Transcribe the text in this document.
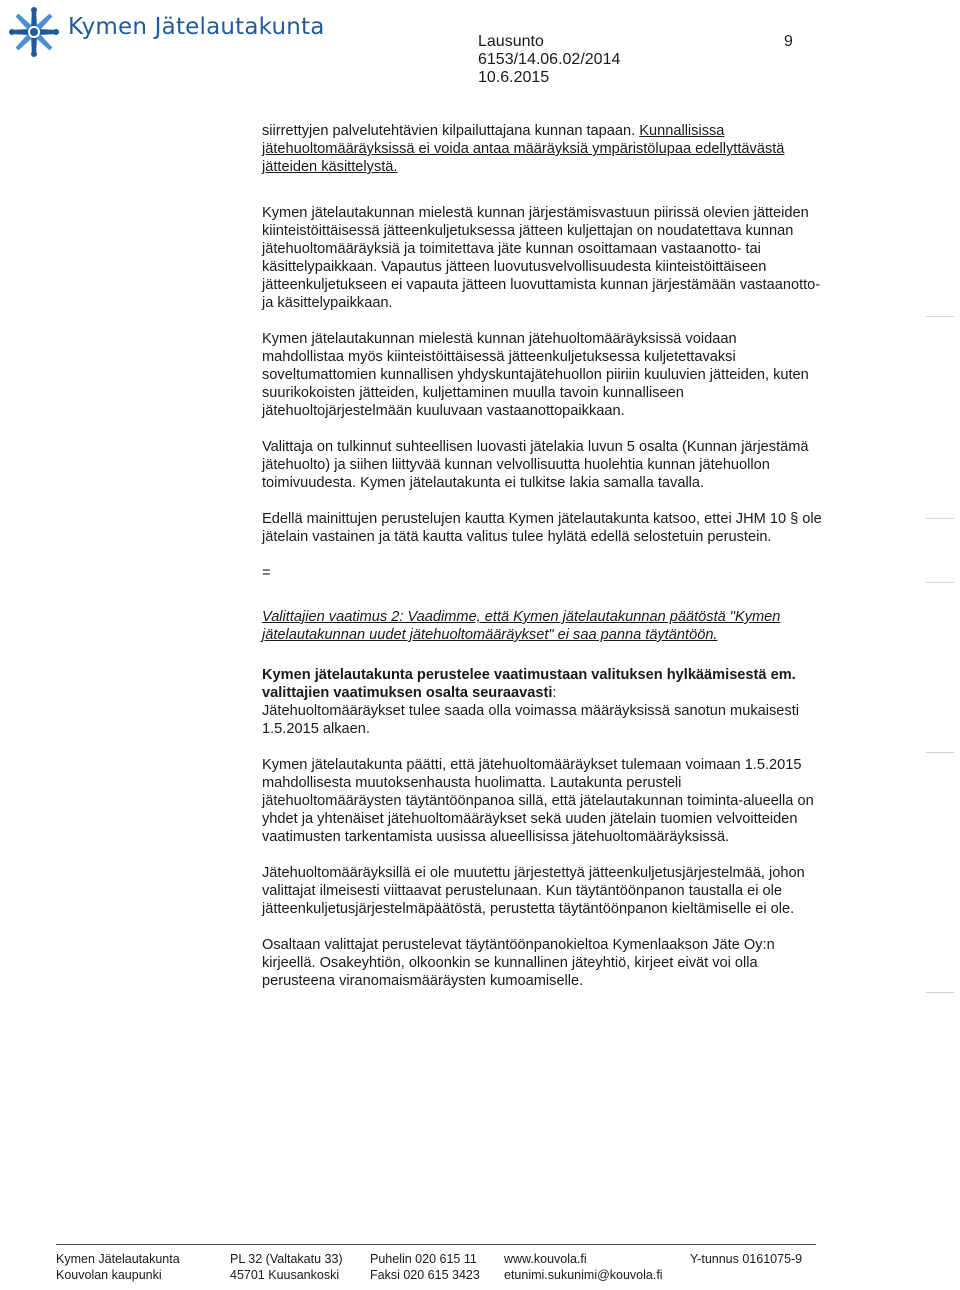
Kymen Jätelautakunta
Lausunto
6153/14.06.02/2014
10.6.2015
9

siirrettyjen palvelutehtävien kilpailuttajana kunnan tapaan. Kunnallisissa jätehuoltomääräyksissä ei voida antaa määräyksiä ympäristölupaa edellyttävästä jätteiden käsittelystä.

Kymen jätelautakunnan mielestä kunnan järjestämisvastuun piirissä olevien jätteiden kiinteistöittäisessä jätteenkuljetuksessa jätteen kuljettajan on noudatettava kunnan jätehuoltomääräyksiä ja toimitettava jäte kunnan osoittamaan vastaanotto- tai käsittelypaikkaan. Vapautus jätteen luovutusvelvollisuudesta kiinteistöittäiseen jätteenkuljetukseen ei vapauta jätteen luovuttamista kunnan järjestämään vastaanotto- ja käsittelypaikkaan.

Kymen jätelautakunnan mielestä kunnan jätehuoltomääräyksissä voidaan mahdollistaa myös kiinteistöittäisessä jätteenkuljetuksessa kuljetettavaksi soveltumattomien kunnallisen yhdyskuntajätehuollon piiriin kuuluvien jätteiden, kuten suurikokoisten jätteiden, kuljettaminen muulla tavoin kunnalliseen jätehuoltojärjestelmään kuuluvaan vastaanottopaikkaan.

Valittaja on tulkinnut suhteellisen luovasti jätelakia luvun 5 osalta (Kunnan järjestämä jätehuolto) ja siihen liittyvää kunnan velvollisuutta huolehtia kunnan jätehuollon toimivuudesta. Kymen jätelautakunta ei tulkitse lakia samalla tavalla.

Edellä mainittujen perustelujen kautta Kymen jätelautakunta katsoo, ettei JHM 10 § ole jätelain vastainen ja tätä kautta valitus tulee hylätä edellä selostetuin perustein.

=

Valittajien vaatimus 2: Vaadimme, että Kymen jätelautakunnan päätöstä "Kymen jätelautakunnan uudet jätehuoltomääräykset" ei saa panna täytäntöön.

Kymen jätelautakunta perustelee vaatimustaan valituksen hylkäämisestä em. valittajien vaatimuksen osalta seuraavasti:
Jätehuoltomääräykset tulee saada olla voimassa määräyksissä sanotun mukaisesti 1.5.2015 alkaen.

Kymen jätelautakunta päätti, että jätehuoltomääräykset tulemaan voimaan 1.5.2015 mahdollisesta muutoksenhausta huolimatta. Lautakunta perusteli jätehuoltomääräysten täytäntöönpanoa sillä, että jätelautakunnan toiminta-alueella on yhdet ja yhtenäiset jätehuoltomääräykset sekä uuden jätelain tuomien velvoitteiden vaatimusten tarkentamista uusissa alueellisissa jätehuoltomääräyksissä.

Jätehuoltomääräyksillä ei ole muutettu järjestettyä jätteenkuljetusjärjestelmää, johon valittajat ilmeisesti viittaavat perustelunaan. Kun täytäntöönpanon taustalla ei ole jätteenkuljetusjärjestelmäpäätöstä, perustetta täytäntöönpanon kieltämiselle ei ole.

Osaltaan valittajat perustelevat täytäntöönpanokieltoa Kymenlaakson Jäte Oy:n kirjeellä. Osakeyhtiön, olkoonkin se kunnallinen jäteyhtiö, kirjeet eivät voi olla perusteena viranomaismääräysten kumoamiselle.

Kymen Jätelautakunta
Kouvolan kaupunki
PL 32 (Valtakatu 33)
45701 Kuusankoski
Puhelin 020 615 11
Faksi 020 615 3423
www.kouvola.fi
etunimi.sukunimi@kouvola.fi
Y-tunnus 0161075-9
